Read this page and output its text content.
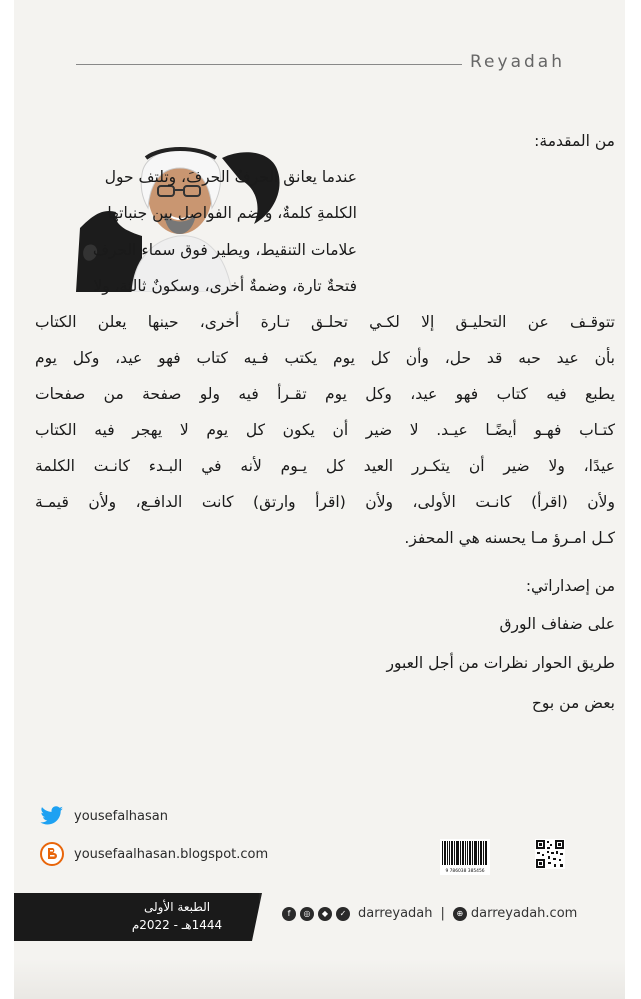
Reyadah
من المقدمة:
عندما يعانق الحرفُ الحرفَ، وتلتف حول
الكلمةِ كلمةٌ، وتضم الفواصل بين جنباتها
علامات التنقيط، ويطير فوق سماء الحرف
فتحةٌ تارة، وضمةٌ أخرى، وسكونٌ ثالثة، ولا
تتوقـف عن التحليـق إلا لكـي تحلـق تـارة أخرى، حينها يعلن الكتاب
بأن عيد حبه قد حل، وأن كل يوم يكتب فـيه كتاب فهو عيد، وكل يوم
يطبع فيه كتاب فهو عيد، وكل يوم تقـرأ فيه ولو صفحة من صفحات
كتـاب فهـو أيضًـا عيـد. لا ضير أن يكون كل يوم لا يهجر فيه الكتاب
عيدًا، ولا ضير أن يتكـرر العيد كل يـوم لأنه في البـدء كانـت الكلمة
ولأن (اقرأ) كانـت الأولى، ولأن (اقرأ وارتق) كانت الدافـع، ولأن قيمـة
كـل امـرؤ مـا يحسنه هي المحفز.
من إصداراتي:
على ضفاف الورق
طريق الحوار نظرات من أجل العبور
بعض من بوح
yousefalhasan
yousefaalhasan.blogspot.com
9 786038 385456
الطبعة الأولى
1444هـ - 2022م
f	◎	◆	✓ darreyadah |	⊕ darreyadah.com
